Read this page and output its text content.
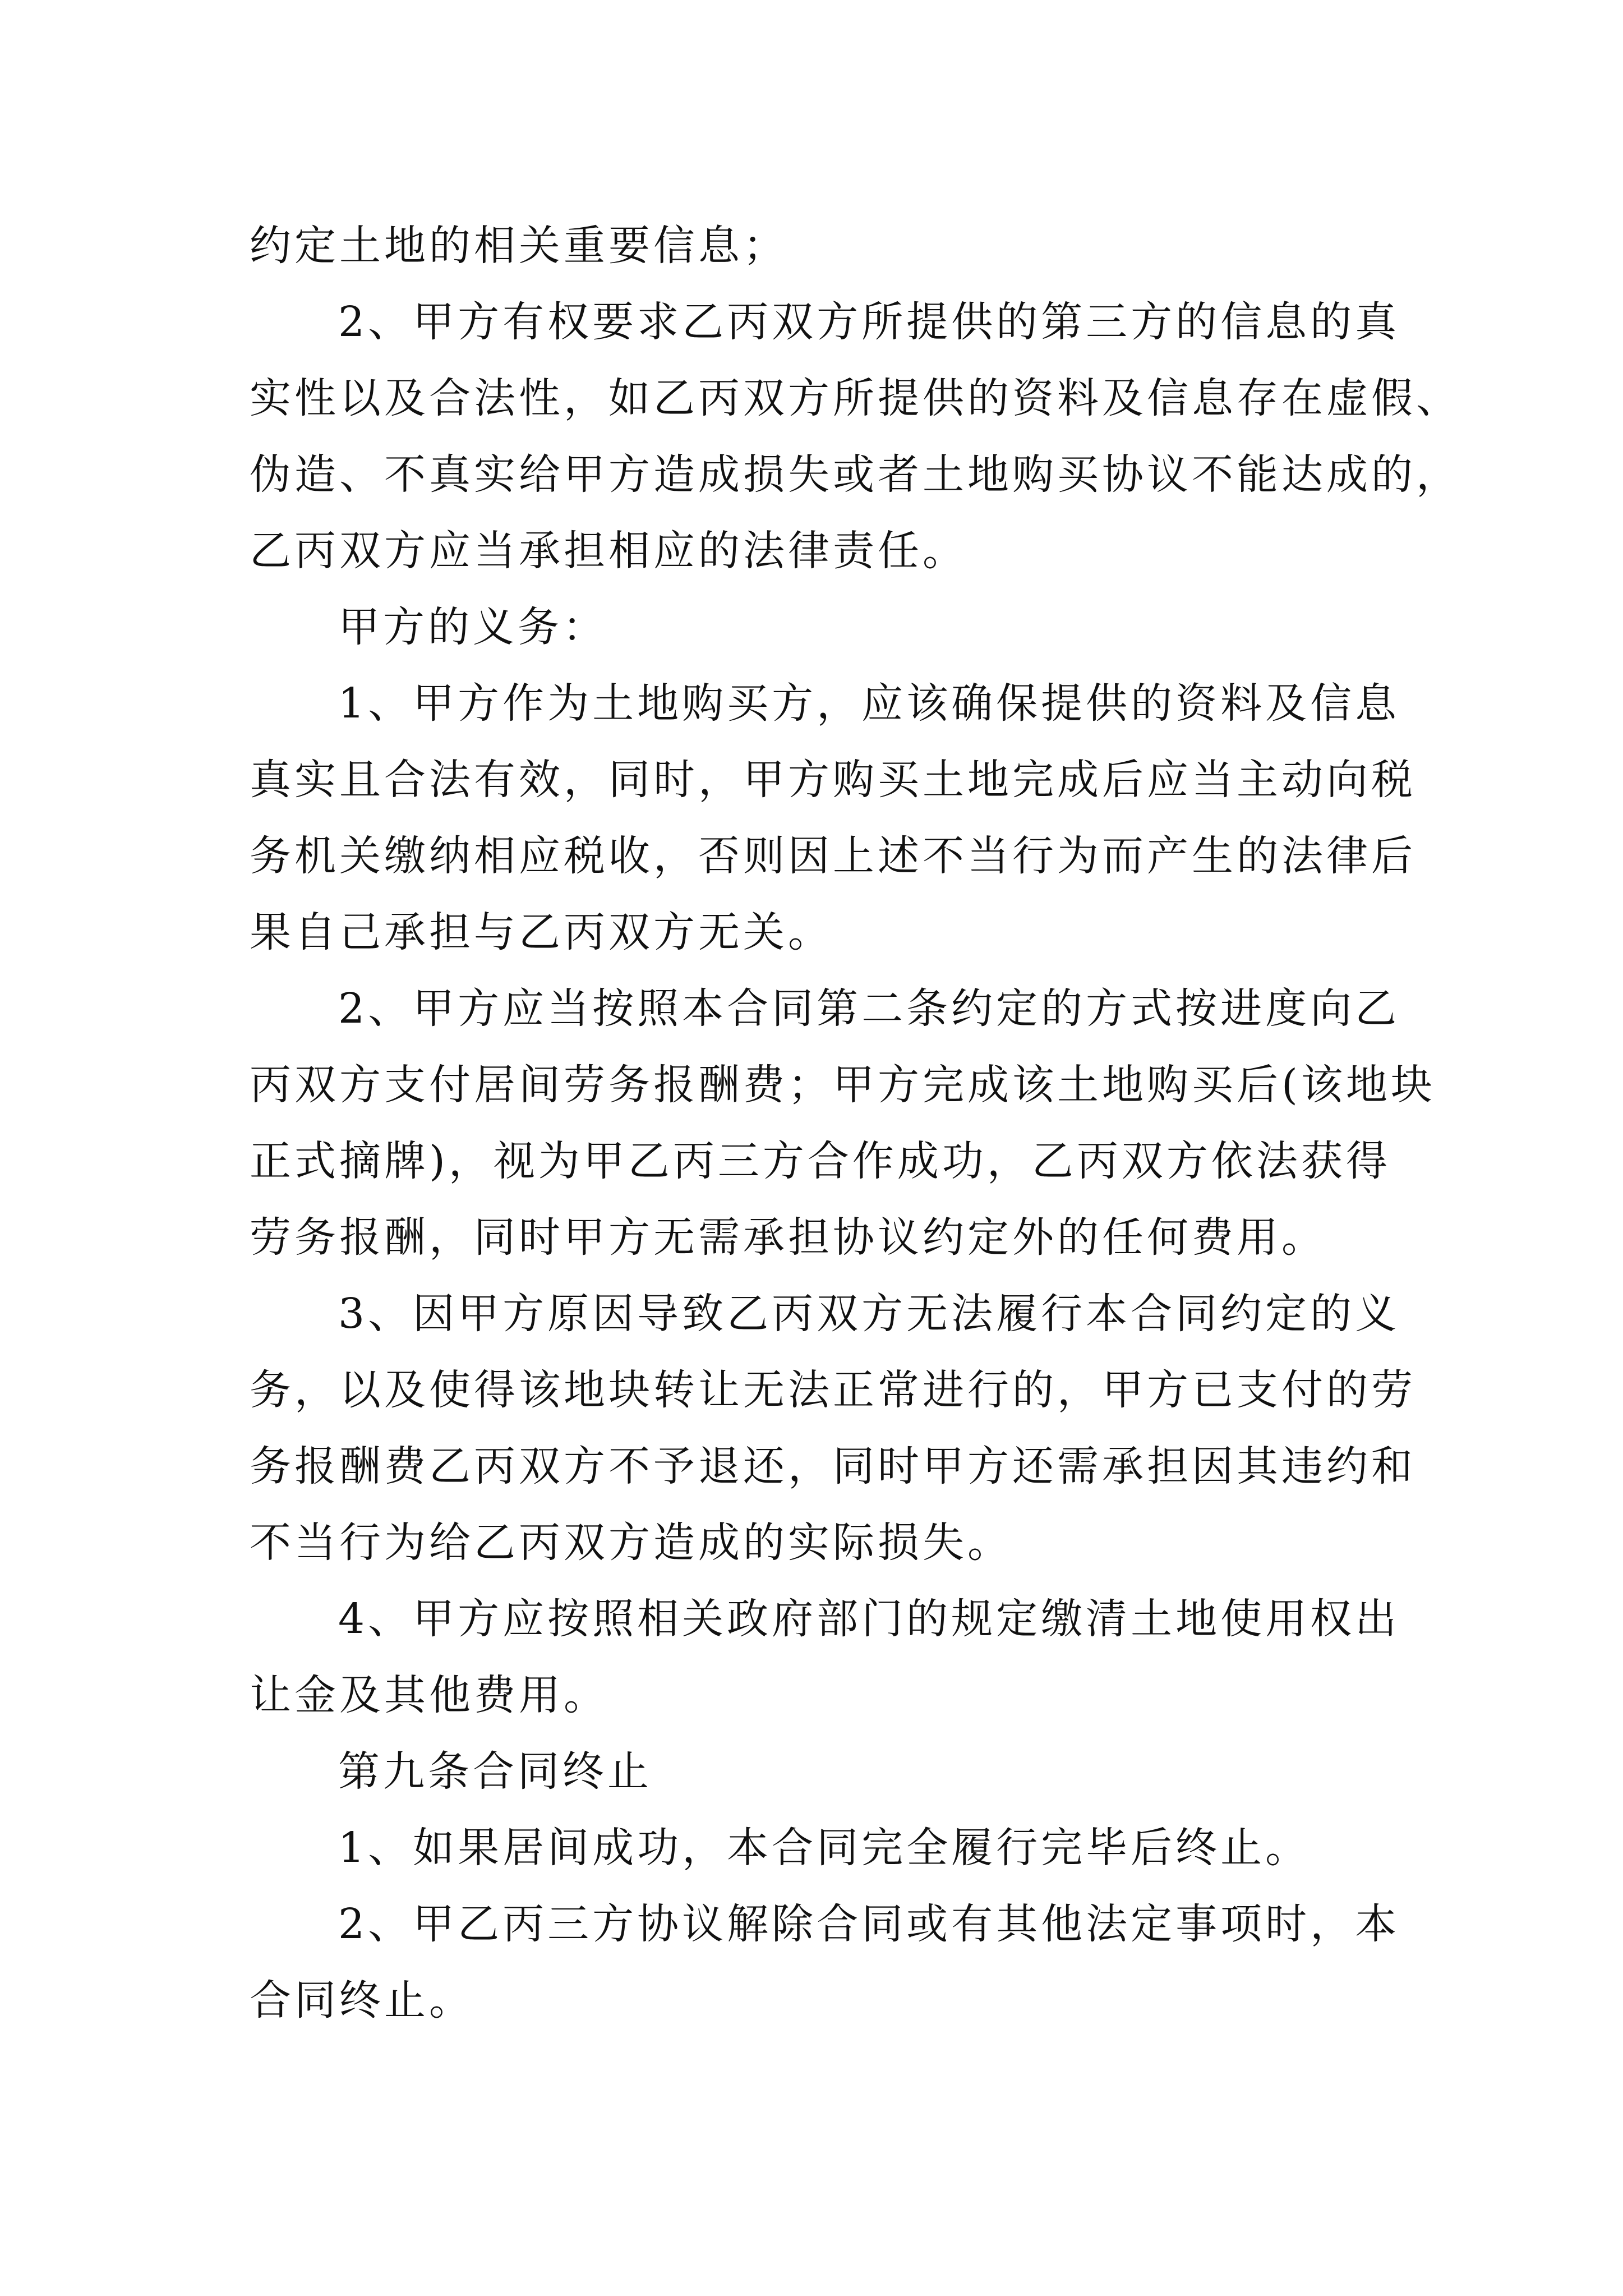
约定土地的相关重要信息；
2、甲方有权要求乙丙双方所提供的第三方的信息的真
实性以及合法性，如乙丙双方所提供的资料及信息存在虚假、
伪造、不真实给甲方造成损失或者土地购买协议不能达成的，
乙丙双方应当承担相应的法律责任。
甲方的义务：
1、甲方作为土地购买方，应该确保提供的资料及信息
真实且合法有效，同时，甲方购买土地完成后应当主动向税
务机关缴纳相应税收，否则因上述不当行为而产生的法律后
果自己承担与乙丙双方无关。
2、甲方应当按照本合同第二条约定的方式按进度向乙
丙双方支付居间劳务报酬费；甲方完成该土地购买后(该地块
正式摘牌)，视为甲乙丙三方合作成功，乙丙双方依法获得
劳务报酬，同时甲方无需承担协议约定外的任何费用。
3、因甲方原因导致乙丙双方无法履行本合同约定的义
务，以及使得该地块转让无法正常进行的，甲方已支付的劳
务报酬费乙丙双方不予退还，同时甲方还需承担因其违约和
不当行为给乙丙双方造成的实际损失。
4、甲方应按照相关政府部门的规定缴清土地使用权出
让金及其他费用。
第九条合同终止
1、如果居间成功，本合同完全履行完毕后终止。
2、甲乙丙三方协议解除合同或有其他法定事项时，本
合同终止。
